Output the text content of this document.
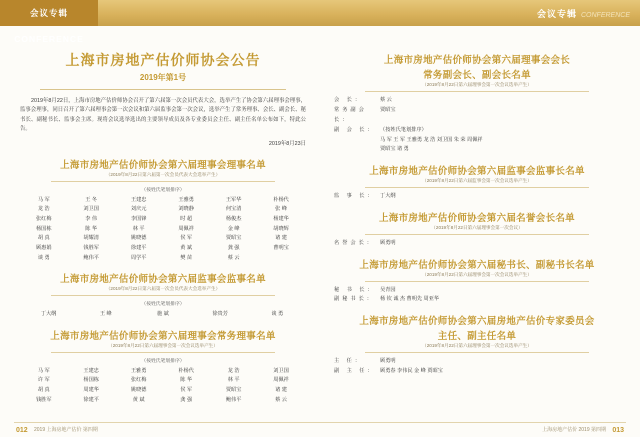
会议专辑 CONFERENCE
会议专辑 CONFERENCE
上海市房地产估价师协会公告
2019年第1号

2019年8月22日，上海市房地产估价师协会召开了第六届第一次会员代表大会，选举产生了协会第六届理事会理事，监事会理事，同日召开了第六届理事会第一次会议和第六届监事会第一次会议，选举产生了常务理事、会长、副会长、秘书长、副秘书长、监事会主席。现将会议选举选出的主要领导成员及各专业委员会主任、副主任名单公布如下，特此公告。

2019年8月23日
上海市房地产估价师协会第六届理事会理事名单
（2019年8月22日第六届第一次会员代表大会选举产生）
（按姓氏笔划排序）
马 军	王 冬	王建忠	王雅勇	王军华	朴杨代
龙 浩	刘卫国	刘庆元	刘晓静	何宝清	张 峰
张红梅	李 伟	李国锋	时 超	杨俊杰	杨建华
杨国栋	陈 华	林 平	周佩祥	金 峰	胡晓辉
胡 真	胡耀清	姚晓德	侯 军	贾昭宝	诸 建
顾惠娟	钱胜军	徐建平	黄 斌	龚 强	曹明宝
谈 勇	鲍伟平	周学平	樊 苗	蔡 云
上海市房地产估价师协会第六届监事会监事名单
（2019年8月22日第六届第一次会员代表大会选举产生）
（按姓氏笔划排序）
丁大纲	王 峰	施 斌	徐贵芳	谈 勇
上海市房地产估价师协会第六届理事会常务理事名单
（2019年8月22日第六届理事会第一次会议选举产生）
（按姓氏笔划排序）
马 军	王建忠	王雅勇	朴杨代	龙 浩	刘卫国
许 军	杨国栋	张红梅	陈 华	林 平	周佩祥
胡 真	周建华	姚晓德	侯 军	贾昭宝	诸 建
钱胜军	徐建平	黄 斌	龚 强	鲍伟平	蔡 云
上海市房地产估价师协会第六届理事会会长
常务副会长、副会长名单
（2019年8月22日第六届理事会第一次会议选举产生）
会 长：	蔡 云
常务副会长：
贾昭宝
副 会 长： （按姓氏笔划排序）
马 军 王 军 王雅勇 龙 浩 刘卫国 朱 荣 周佩祥
贾昭宝 诸 勇
上海市房地产估价师协会第六届监事会监事长名单
（2019年8月22日第六届监事会第一次会议选举产生）
监 事 长： 丁大纲
上海市房地产估价师协会第六届名誉会长名单
（2019年8月22日第六届理事会第一次会议）
名誉会长： 顾勇明
上海市房地产估价师协会第六届秘书长、副秘书长名单
（2019年8月22日第六届理事会第一次会议选举产生）
秘 书 长： 吴青园
副秘书长： 杨 钦 诚 杰 曹明先 周亚华
上海市房地产估价师协会第六届房地产估价专家委员会
主任、副主任名单
（2019年8月22日第六届理事会第一次会议选举产生）
主 任：	顾勇明
副 主 任： 顾勇春 李伟民 金 峰 贾昭宝
012 2019 上海房地产估价 第四期	上海房地产估价 2019 第四期 013
